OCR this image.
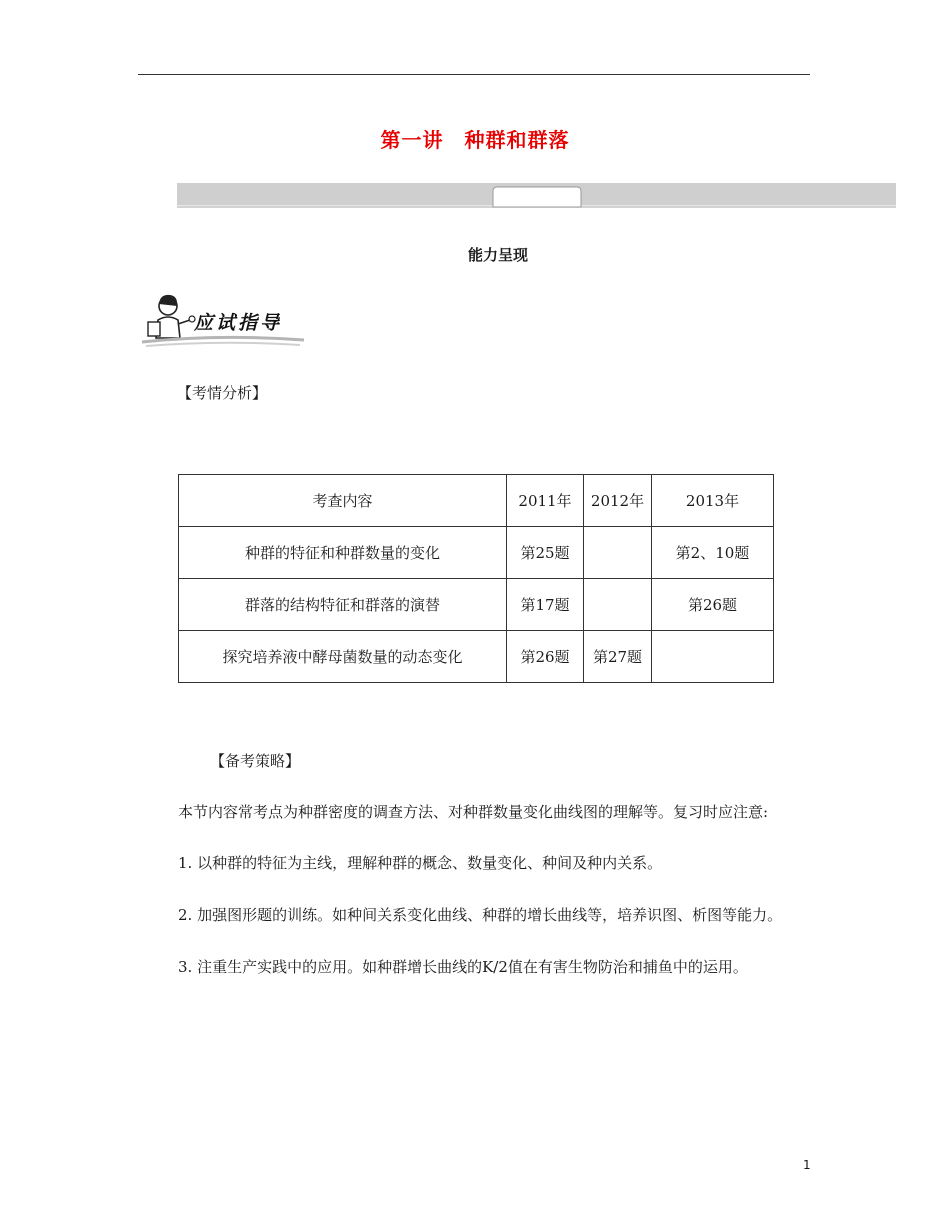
第一讲　种群和群落
能力呈现
应试指导
【考情分析】
考查内容	2011年	2012年	2013年
种群的特征和种群数量的变化	第25题		第2、10题
群落的结构特征和群落的演替	第17题		第26题
探究培养液中酵母菌数量的动态变化	第26题	第27题	
【备考策略】
本节内容常考点为种群密度的调查方法、对种群数量变化曲线图的理解等。复习时应注意:
1. 以种群的特征为主线，理解种群的概念、数量变化、种间及种内关系。
2. 加强图形题的训练。如种间关系变化曲线、种群的增长曲线等，培养识图、析图等能力。
3. 注重生产实践中的应用。如种群增长曲线的K/2值在有害生物防治和捕鱼中的运用。
1
